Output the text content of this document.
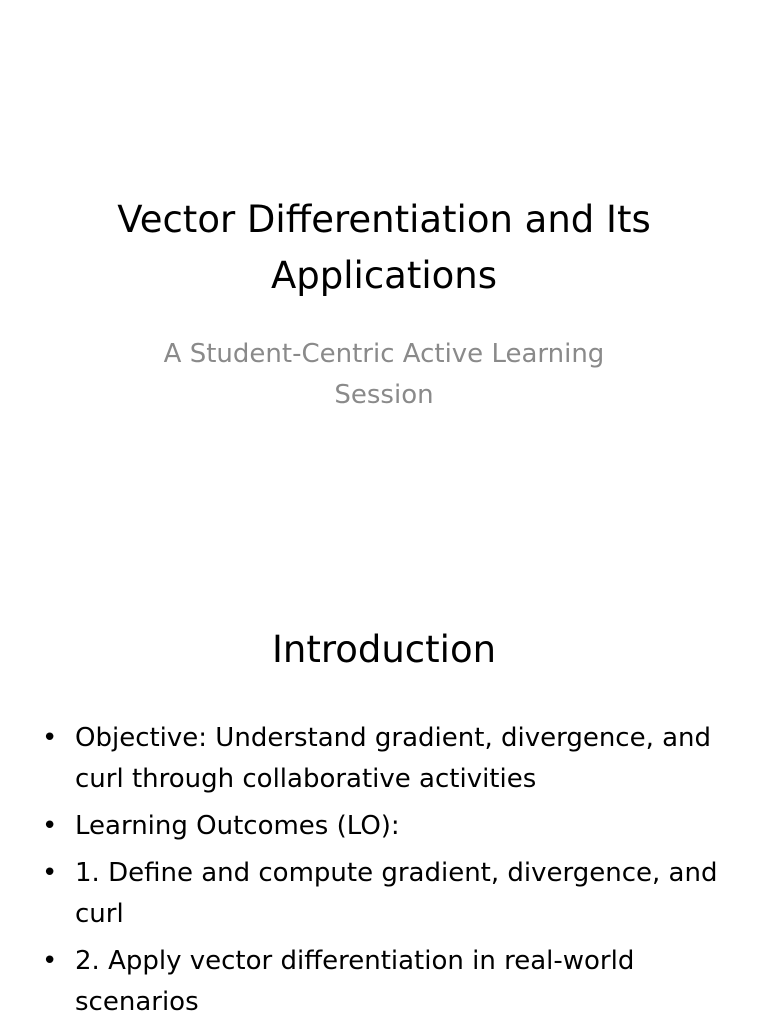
Vector Differentiation and Its Applications

A Student-Centric Active Learning Session

Introduction
• Objective: Understand gradient, divergence, and curl through collaborative activities
• Learning Outcomes (LO):
• 1. Define and compute gradient, divergence, and curl
• 2. Apply vector differentiation in real-world scenarios
